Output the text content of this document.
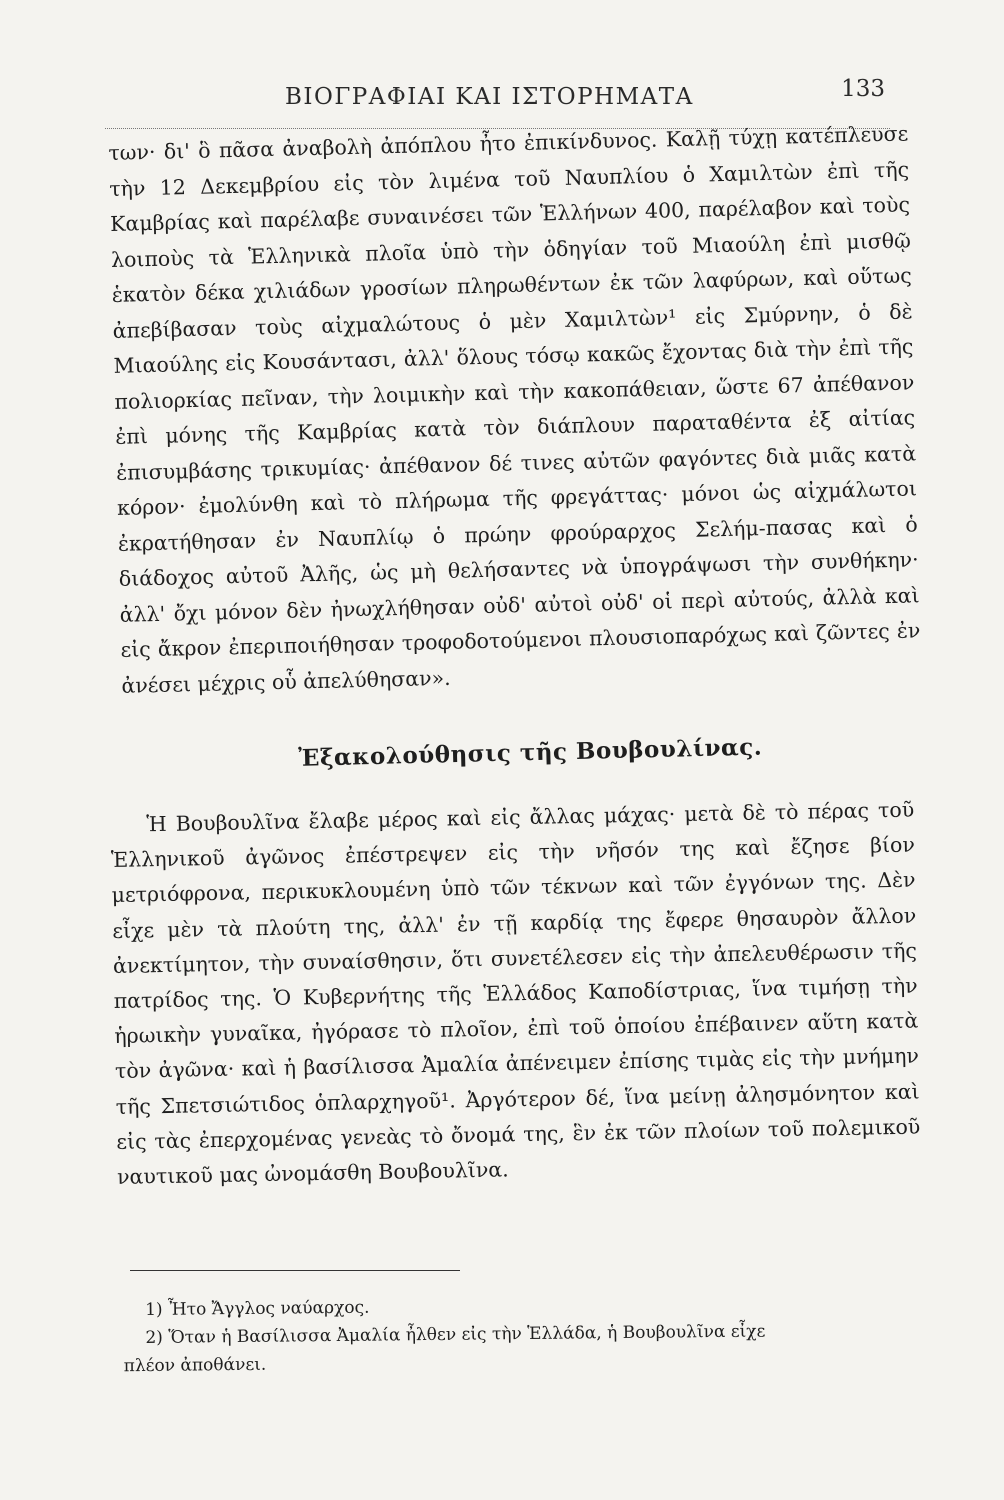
ΒΙΟΓΡΑΦΙΑΙ ΚΑΙ ΙΣΤΟΡΗΜΑΤΑ	133

των· δι' ὃ πᾶσα ἀναβολὴ ἀπόπλου ἦτο ἐπικίνδυνος. Καλῇ τύχῃ κατέπλευσε τὴν 12 Δεκεμβρίου εἰς τὸν λιμένα τοῦ Ναυπλίου ὁ Χαμιλτὼν ἐπὶ τῆς Καμβρίας καὶ παρέλαβε συναινέσει τῶν Ἑλλήνων 400, παρέλαβον καὶ τοὺς λοιποὺς τὰ Ἑλληνικὰ πλοῖα ὑπὸ τὴν ὁδηγίαν τοῦ Μιαούλη ἐπὶ μισθῷ ἑκατὸν δέκα χιλιάδων γροσίων πληρωθέντων ἐκ τῶν λαφύρων, καὶ οὕτως ἀπεβίβασαν τοὺς αἰχμαλώτους ὁ μὲν Χαμιλτὼν¹ εἰς Σμύρνην, ὁ δὲ Μιαούλης εἰς Κουσάντασι, ἀλλ' ὅλους τόσῳ κακῶς ἔχοντας διὰ τὴν ἐπὶ τῆς πολιορκίας πεῖναν, τὴν λοιμικὴν καὶ τὴν κακοπάθειαν, ὥστε 67 ἀπέθανον ἐπὶ μόνης τῆς Καμβρίας κατὰ τὸν διάπλουν παραταθέντα ἐξ αἰτίας ἐπισυμβάσης τρικυμίας· ἀπέθανον δέ τινες αὐτῶν φαγόντες διὰ μιᾶς κατὰ κόρον· ἐμολύνθη καὶ τὸ πλήρωμα τῆς φρεγάττας· μόνοι ὡς αἰχμάλωτοι ἐκρατήθησαν ἐν Ναυπλίῳ ὁ πρώην φρούραρχος Σελήμ-πασας καὶ ὁ διάδοχος αὐτοῦ Ἀλῆς, ὡς μὴ θελήσαντες νὰ ὑπογράψωσι τὴν συνθήκην· ἀλλ' ὄχι μόνον δὲν ἠνωχλήθησαν οὐδ' αὐτοὶ οὐδ' οἱ περὶ αὐτούς, ἀλλὰ καὶ εἰς ἄκρον ἐπεριποιήθησαν τροφοδοτούμενοι πλουσιοπαρόχως καὶ ζῶντες ἐν ἀνέσει μέχρις οὗ ἀπελύθησαν».

Ἐξακολούθησις τῆς Βουβουλίνας.

Ἡ Βουβουλῖνα ἔλαβε μέρος καὶ εἰς ἄλλας μάχας· μετὰ δὲ τὸ πέρας τοῦ Ἑλληνικοῦ ἀγῶνος ἐπέστρεψεν εἰς τὴν νῆσόν της καὶ ἔζησε βίον μετριόφρονα, περικυκλουμένη ὑπὸ τῶν τέκνων καὶ τῶν ἐγγόνων της. Δὲν εἶχε μὲν τὰ πλούτη της, ἀλλ' ἐν τῇ καρδίᾳ της ἔφερε θησαυρὸν ἄλλον ἀνεκτίμητον, τὴν συναίσθησιν, ὅτι συνετέλεσεν εἰς τὴν ἀπελευθέρωσιν τῆς πατρίδος της. Ὁ Κυβερνήτης τῆς Ἑλλάδος Καποδίστριας, ἵνα τιμήσῃ τὴν ἡρωικὴν γυναῖκα, ἠγόρασε τὸ πλοῖον, ἐπὶ τοῦ ὁποίου ἐπέβαινεν αὕτη κατὰ τὸν ἀγῶνα· καὶ ἡ βασίλισσα Ἀμαλία ἀπένειμεν ἐπίσης τιμὰς εἰς τὴν μνήμην τῆς Σπετσιώτιδος ὁπλαρχηγοῦ¹. Ἀργότερον δέ, ἵνα μείνῃ ἀλησμόνητον καὶ εἰς τὰς ἐπερχομένας γενεὰς τὸ ὄνομά της, ἓν ἐκ τῶν πλοίων τοῦ πολεμικοῦ ναυτικοῦ μας ὠνομάσθη Βουβουλῖνα.

1) Ἦτο Ἄγγλος ναύαρχος.

2) Ὅταν ἡ Βασίλισσα Ἀμαλία ἦλθεν εἰς τὴν Ἑλλάδα, ἡ Βουβουλῖνα εἶχε

πλέον ἀποθάνει.
